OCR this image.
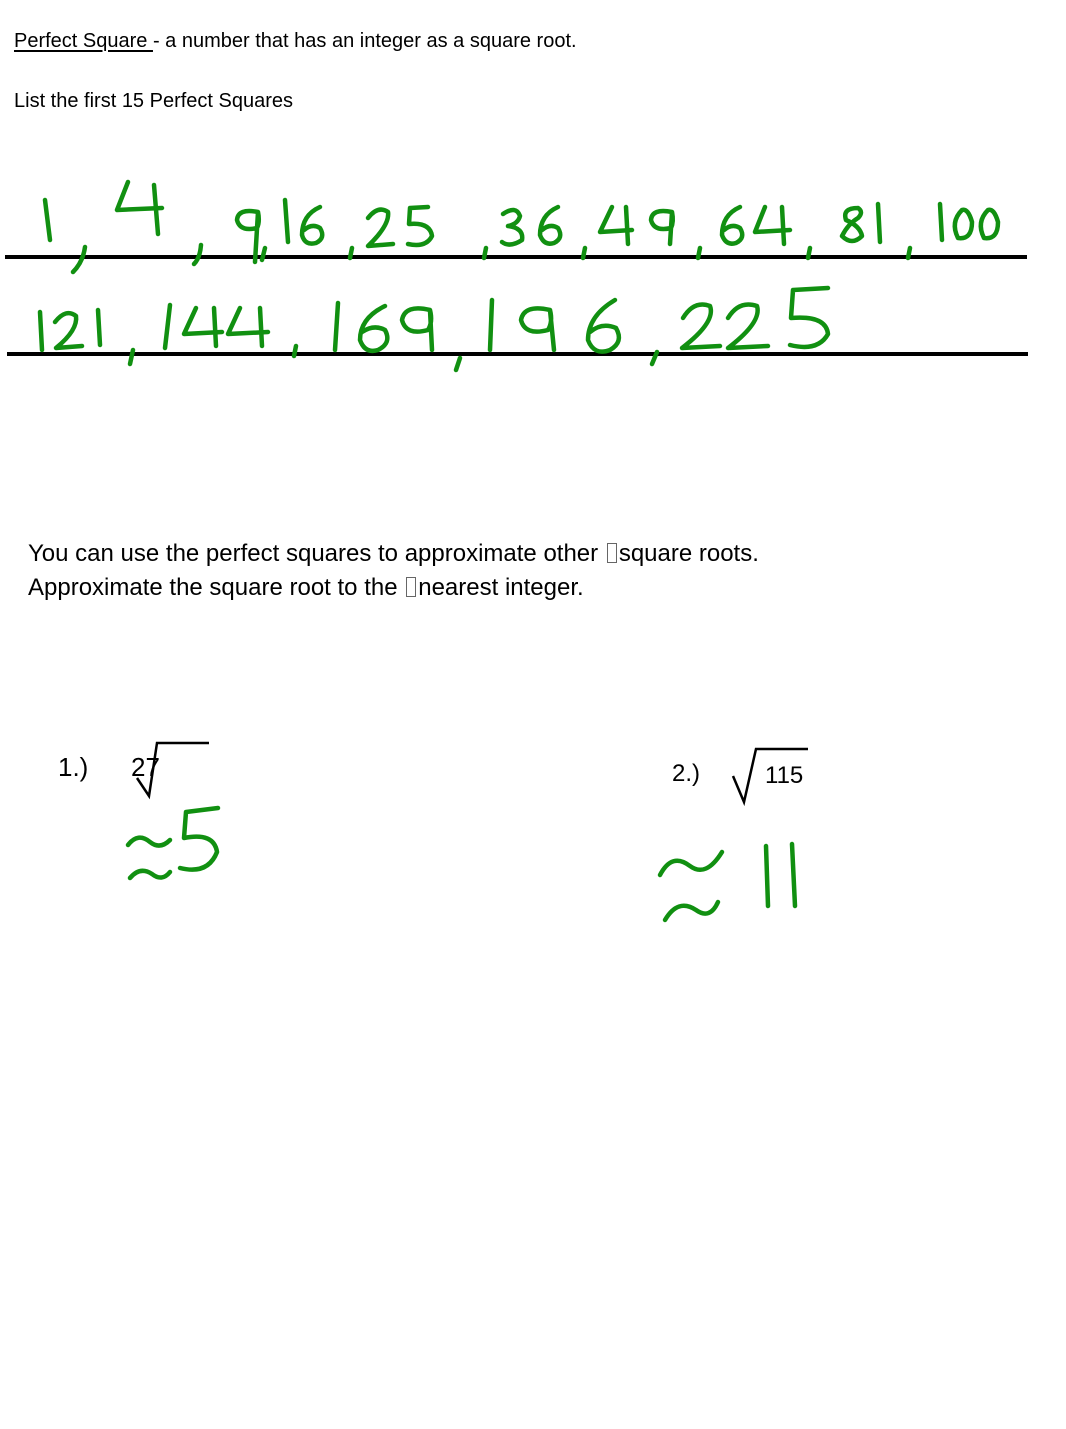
Perfect Square - a number that has an integer as a square root.
List the first 15 Perfect Squares
You can use the perfect squares to approximate other square roots.
Approximate the square root to the nearest integer.
1.) 27	2.)	115
